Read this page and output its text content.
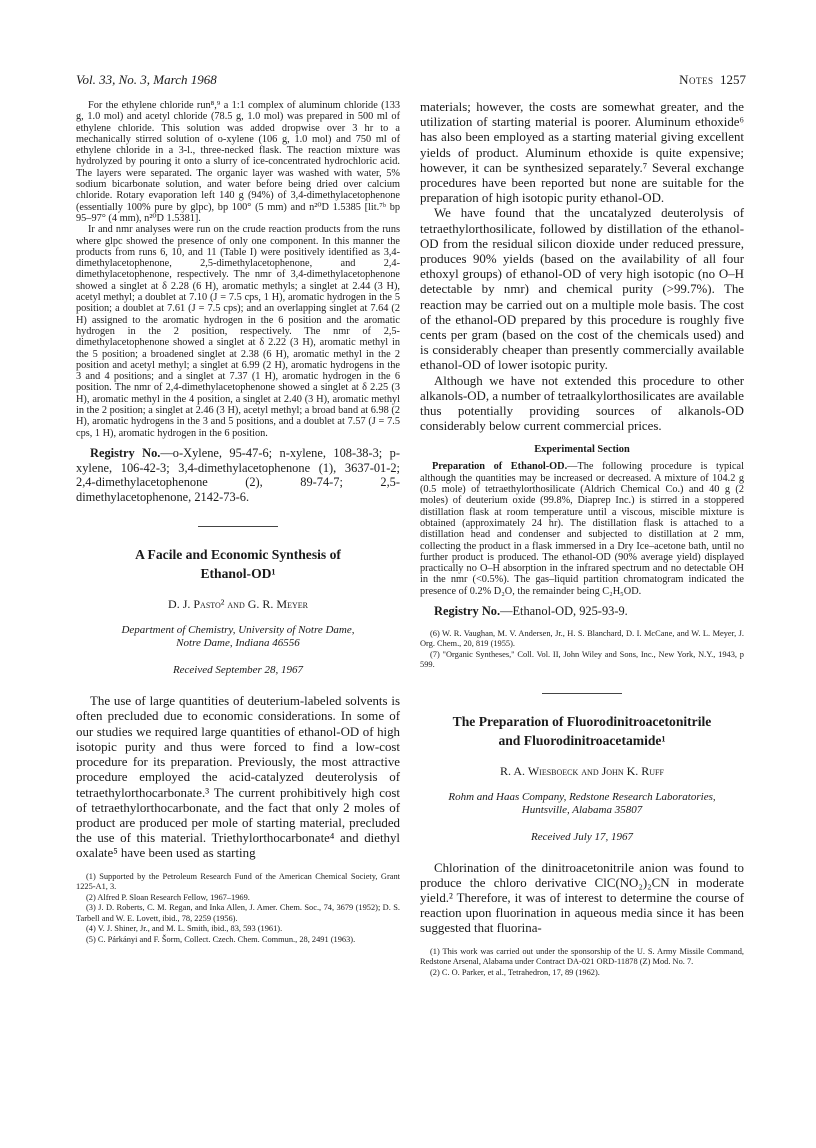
Vol. 33, No. 3, March 1968	Notes 1257

For the ethylene chloride run⁸,⁹ a 1:1 complex of aluminum chloride (133 g, 1.0 mol) and acetyl chloride (78.5 g, 1.0 mol) was prepared in 500 ml of ethylene chloride. This solution was added dropwise over 3 hr to a mechanically stirred solution of o-xylene (106 g, 1.0 mol) and 750 ml of ethylene chloride in a 3-l., three-necked flask. The reaction mixture was hydrolyzed by pouring it onto a slurry of ice-concentrated hydrochloric acid. The layers were separated. The organic layer was washed with water, 5% sodium bicarbonate solution, and water before being dried over calcium chloride. Rotary evaporation left 140 g (94%) of 3,4-dimethylacetophenone (essentially 100% pure by glpc), bp 100° (5 mm) and n²⁰D 1.5385 [lit.⁷ᵇ bp 95–97° (4 mm), n²⁰D 1.5381].

Ir and nmr analyses were run on the crude reaction products from the runs where glpc showed the presence of only one component. In this manner the products from runs 6, 10, and 11 (Table I) were positively identified as 3,4-dimethylacetophenone, 2,5-dimethylacetophenone, and 2,4-dimethylacetophenone, respectively. The nmr of 3,4-dimethylacetophenone showed a singlet at δ 2.28 (6 H), aromatic methyls; a singlet at 2.44 (3 H), acetyl methyl; a doublet at 7.10 (J = 7.5 cps, 1 H), aromatic hydrogen in the 5 position; a doublet at 7.61 (J = 7.5 cps); and an overlapping singlet at 7.64 (2 H) assigned to the aromatic hydrogen in the 6 position and the aromatic hydrogen in the 2 position, respectively. The nmr of 2,5-dimethylacetophenone showed a singlet at δ 2.22 (3 H), aromatic methyl in the 5 position; a broadened singlet at 2.38 (6 H), aromatic methyl in the 2 position and acetyl methyl; a singlet at 6.99 (2 H), aromatic hydrogens in the 3 and 4 positions; and a singlet at 7.37 (1 H), aromatic hydrogen in the 6 position. The nmr of 2,4-dimethylacetophenone showed a singlet at δ 2.25 (3 H), aromatic methyl in the 4 position, a singlet at 2.40 (3 H), aromatic methyl in the 2 position; a singlet at 2.46 (3 H), acetyl methyl; a broad band at 6.98 (2 H), aromatic hydrogens in the 3 and 5 positions, and a doublet at 7.57 (J = 7.5 cps, 1 H), aromatic hydrogen in the 6 position.

Registry No.—o-Xylene, 95-47-6; n-xylene, 108-38-3; p-xylene, 106-42-3; 3,4-dimethylacetophenone (1), 3637-01-2; 2,4-dimethylacetophenone (2), 89-74-7; 2,5-dimethylacetophenone, 2142-73-6.

A Facile and Economic Synthesis of
Ethanol-OD¹
D. J. Pasto² and G. R. Meyer
Department of Chemistry, University of Notre Dame,
Notre Dame, Indiana 46556
Received September 28, 1967

The use of large quantities of deuterium-labeled solvents is often precluded due to economic considerations. In some of our studies we required large quantities of ethanol-OD of high isotopic purity and thus were forced to find a low-cost procedure for its preparation. Previously, the most attractive procedure employed the acid-catalyzed deuterolysis of tetraethylorthocarbonate.³ The current prohibitively high cost of tetraethylorthocarbonate, and the fact that only 2 moles of product are produced per mole of starting material, precluded the use of this material. Triethylorthocarbonate⁴ and diethyl oxalate⁵ have been used as starting

(1) Supported by the Petroleum Research Fund of the American Chemical Society, Grant 1225-A1, 3.

(2) Alfred P. Sloan Research Fellow, 1967–1969.

(3) J. D. Roberts, C. M. Regan, and Inka Allen, J. Amer. Chem. Soc., 74, 3679 (1952); D. S. Tarbell and W. E. Lovett, ibid., 78, 2259 (1956).

(4) V. J. Shiner, Jr., and M. L. Smith, ibid., 83, 593 (1961).

(5) C. Párkányi and F. Šorm, Collect. Czech. Chem. Commun., 28, 2491 (1963).

materials; however, the costs are somewhat greater, and the utilization of starting material is poorer. Aluminum ethoxide⁶ has also been employed as a starting material giving excellent yields of product. Aluminum ethoxide is quite expensive; however, it can be synthesized separately.⁷ Several exchange procedures have been reported but none are suitable for the preparation of high isotopic purity ethanol-OD.

We have found that the uncatalyzed deuterolysis of tetraethylorthosilicate, followed by distillation of the ethanol-OD from the residual silicon dioxide under reduced pressure, produces 90% yields (based on the availability of all four ethoxyl groups) of ethanol-OD of very high isotopic (no O–H detectable by nmr) and chemical purity (>99.7%). The reaction may be carried out on a multiple mole basis. The cost of the ethanol-OD prepared by this procedure is roughly five cents per gram (based on the cost of the chemicals used) and is considerably cheaper than presently commercially available ethanol-OD of lower isotopic purity.

Although we have not extended this procedure to other alkanols-OD, a number of tetraalkylorthosilicates are available thus potentially providing sources of alkanols-OD considerably below current commercial prices.

Experimental Section

Preparation of Ethanol-OD.—The following procedure is typical although the quantities may be increased or decreased. A mixture of 104.2 g (0.5 mole) of tetraethylorthosilicate (Aldrich Chemical Co.) and 40 g (2 moles) of deuterium oxide (99.8%, Diaprep Inc.) is stirred in a stoppered distillation flask at room temperature until a viscous, miscible mixture is obtained (approximately 24 hr). The distillation flask is attached to a distillation head and condenser and subjected to distillation at 2 mm, collecting the product in a flask immersed in a Dry Ice–acetone bath, until no further product is produced. The ethanol-OD (90% average yield) displayed practically no O–H absorption in the infrared spectrum and no detectable OH in the nmr (<0.5%). The gas–liquid partition chromatogram indicated the presence of 0.2% D₂O, the remainder being C₂H₅OD.

Registry No.—Ethanol-OD, 925-93-9.

(6) W. R. Vaughan, M. V. Andersen, Jr., H. S. Blanchard, D. I. McCane, and W. L. Meyer, J. Org. Chem., 20, 819 (1955).

(7) "Organic Syntheses," Coll. Vol. II, John Wiley and Sons, Inc., New York, N.Y., 1943, p 599.

The Preparation of Fluorodinitroacetonitrile
and Fluorodinitroacetamide¹
R. A. Wiesboeck and John K. Ruff
Rohm and Haas Company, Redstone Research Laboratories,
Huntsville, Alabama 35807
Received July 17, 1967

Chlorination of the dinitroacetonitrile anion was found to produce the chloro derivative ClC(NO₂)₂CN in moderate yield.² Therefore, it was of interest to determine the course of reaction upon fluorination in aqueous media since it has been suggested that fluorina-

(1) This work was carried out under the sponsorship of the U. S. Army Missile Command, Redstone Arsenal, Alabama under Contract DA-021 ORD-11878 (Z) Mod. No. 7.

(2) C. O. Parker, et al., Tetrahedron, 17, 89 (1962).
